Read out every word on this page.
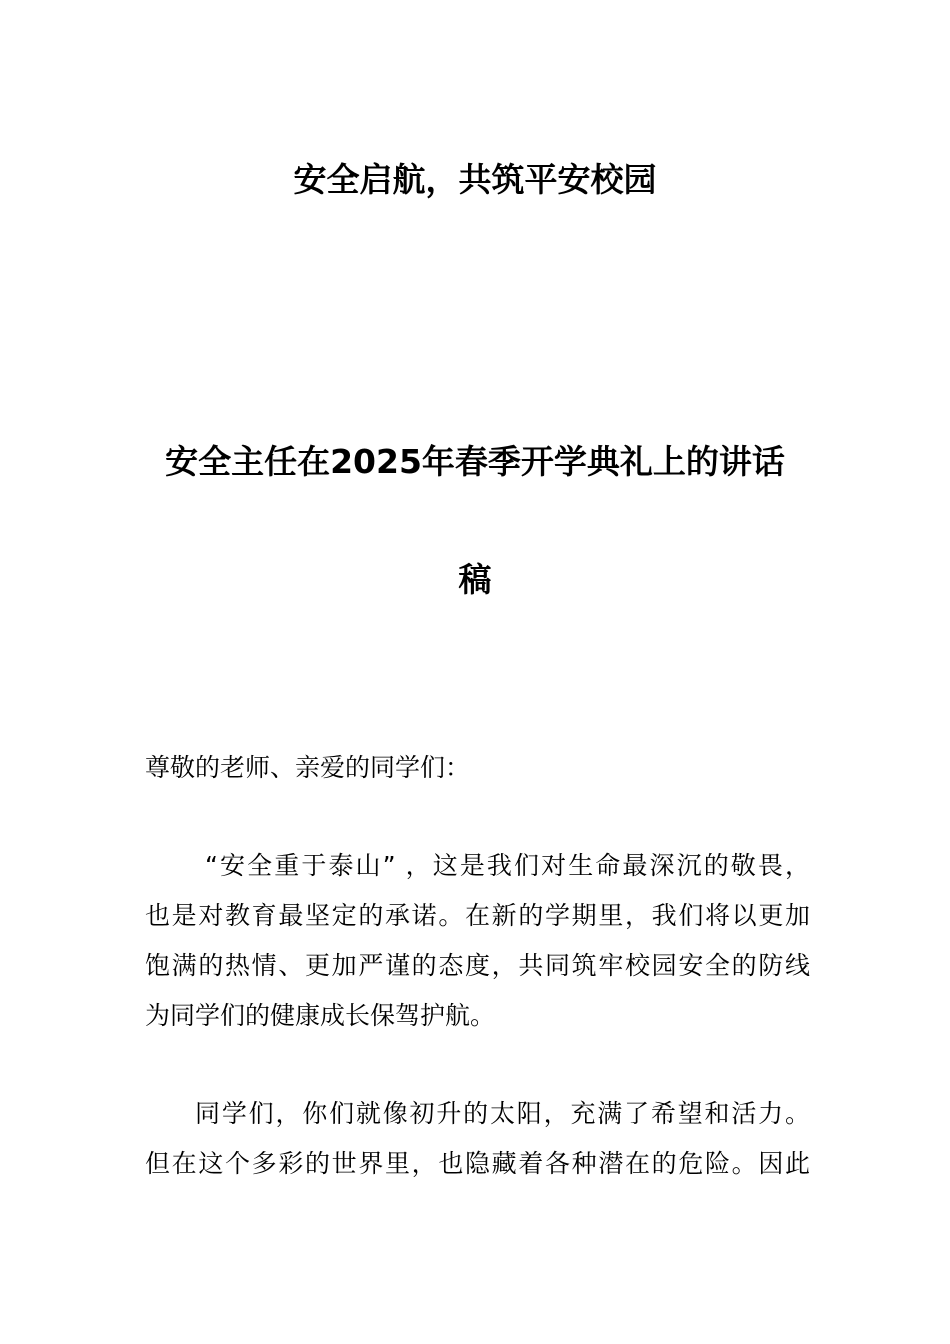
安全启航，共筑平安校园
安全主任在2025年春季开学典礼上的讲话
稿

尊敬的老师、亲爱的同学们：

“安全重于泰山” ，这是我们对生命最深沉的敬畏，

也是对教育最坚定的承诺。在新的学期里，我们将以更加

饱满的热情、更加严谨的态度，共同筑牢校园安全的防线

为同学们的健康成长保驾护航。

同学们，你们就像初升的太阳，充满了希望和活力。

但在这个多彩的世界里，也隐藏着各种潜在的危险。因此
